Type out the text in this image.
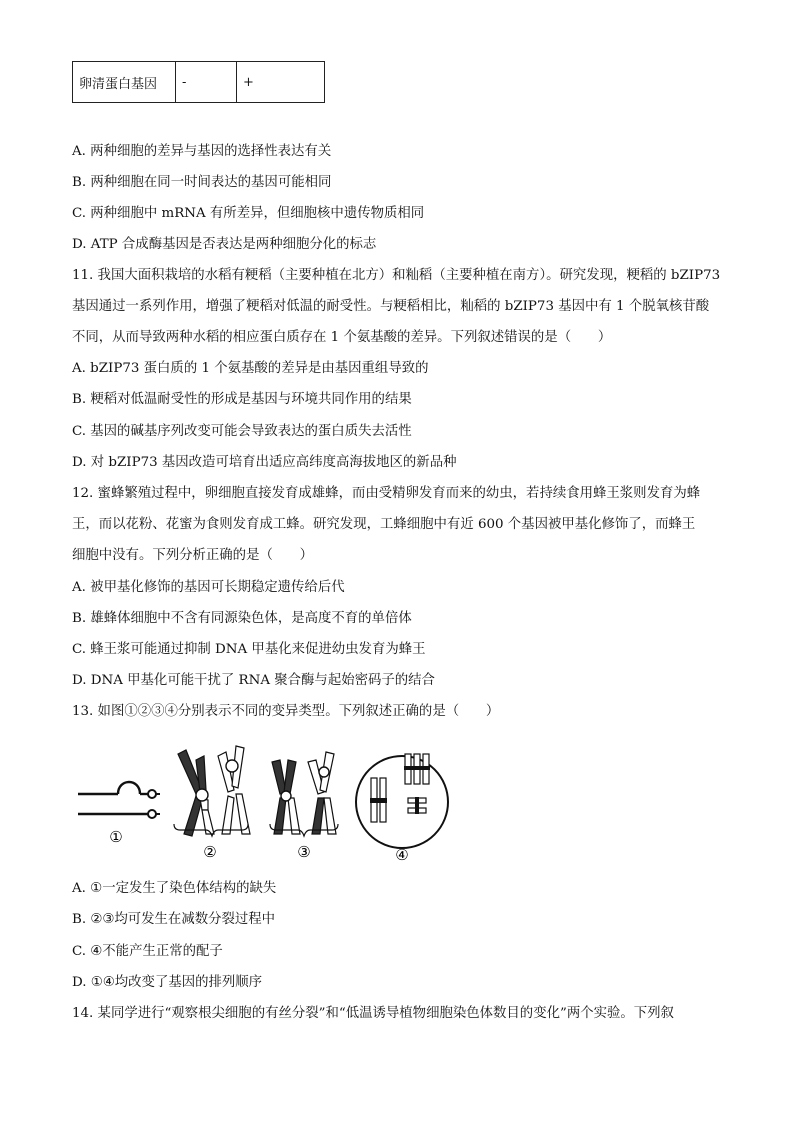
卵清蛋白基因	-	+
A. 两种细胞的差异与基因的选择性表达有关
B. 两种细胞在同一时间表达的基因可能相同
C. 两种细胞中 mRNA 有所差异，但细胞核中遗传物质相同
D. ATP 合成酶基因是否表达是两种细胞分化的标志
11. 我国大面积栽培的水稻有粳稻（主要种植在北方）和籼稻（主要种植在南方）。研究发现，粳稻的 bZIP73
基因通过一系列作用，增强了粳稻对低温的耐受性。与粳稻相比，籼稻的 bZIP73 基因中有 1 个脱氧核苷酸
不同，从而导致两种水稻的相应蛋白质存在 1 个氨基酸的差异。下列叙述错误的是（　　）
A. bZIP73 蛋白质的 1 个氨基酸的差异是由基因重组导致的
B. 粳稻对低温耐受性的形成是基因与环境共同作用的结果
C. 基因的碱基序列改变可能会导致表达的蛋白质失去活性
D. 对 bZIP73 基因改造可培育出适应高纬度高海拔地区的新品种
12. 蜜蜂繁殖过程中，卵细胞直接发育成雄蜂，而由受精卵发育而来的幼虫，若持续食用蜂王浆则发育为蜂
王，而以花粉、花蜜为食则发育成工蜂。研究发现，工蜂细胞中有近 600 个基因被甲基化修饰了，而蜂王
细胞中没有。下列分析正确的是（　　）
A. 被甲基化修饰的基因可长期稳定遗传给后代
B. 雄蜂体细胞中不含有同源染色体，是高度不育的单倍体
C. 蜂王浆可能通过抑制 DNA 甲基化来促进幼虫发育为蜂王
D. DNA 甲基化可能干扰了 RNA 聚合酶与起始密码子的结合
13. 如图①②③④分别表示不同的变异类型。下列叙述正确的是（　　）
①
②	③	④
A. ①一定发生了染色体结构的缺失
B. ②③均可发生在减数分裂过程中
C. ④不能产生正常的配子
D. ①④均改变了基因的排列顺序
14. 某同学进行“观察根尖细胞的有丝分裂”和“低温诱导植物细胞染色体数目的变化”两个实验。下列叙
